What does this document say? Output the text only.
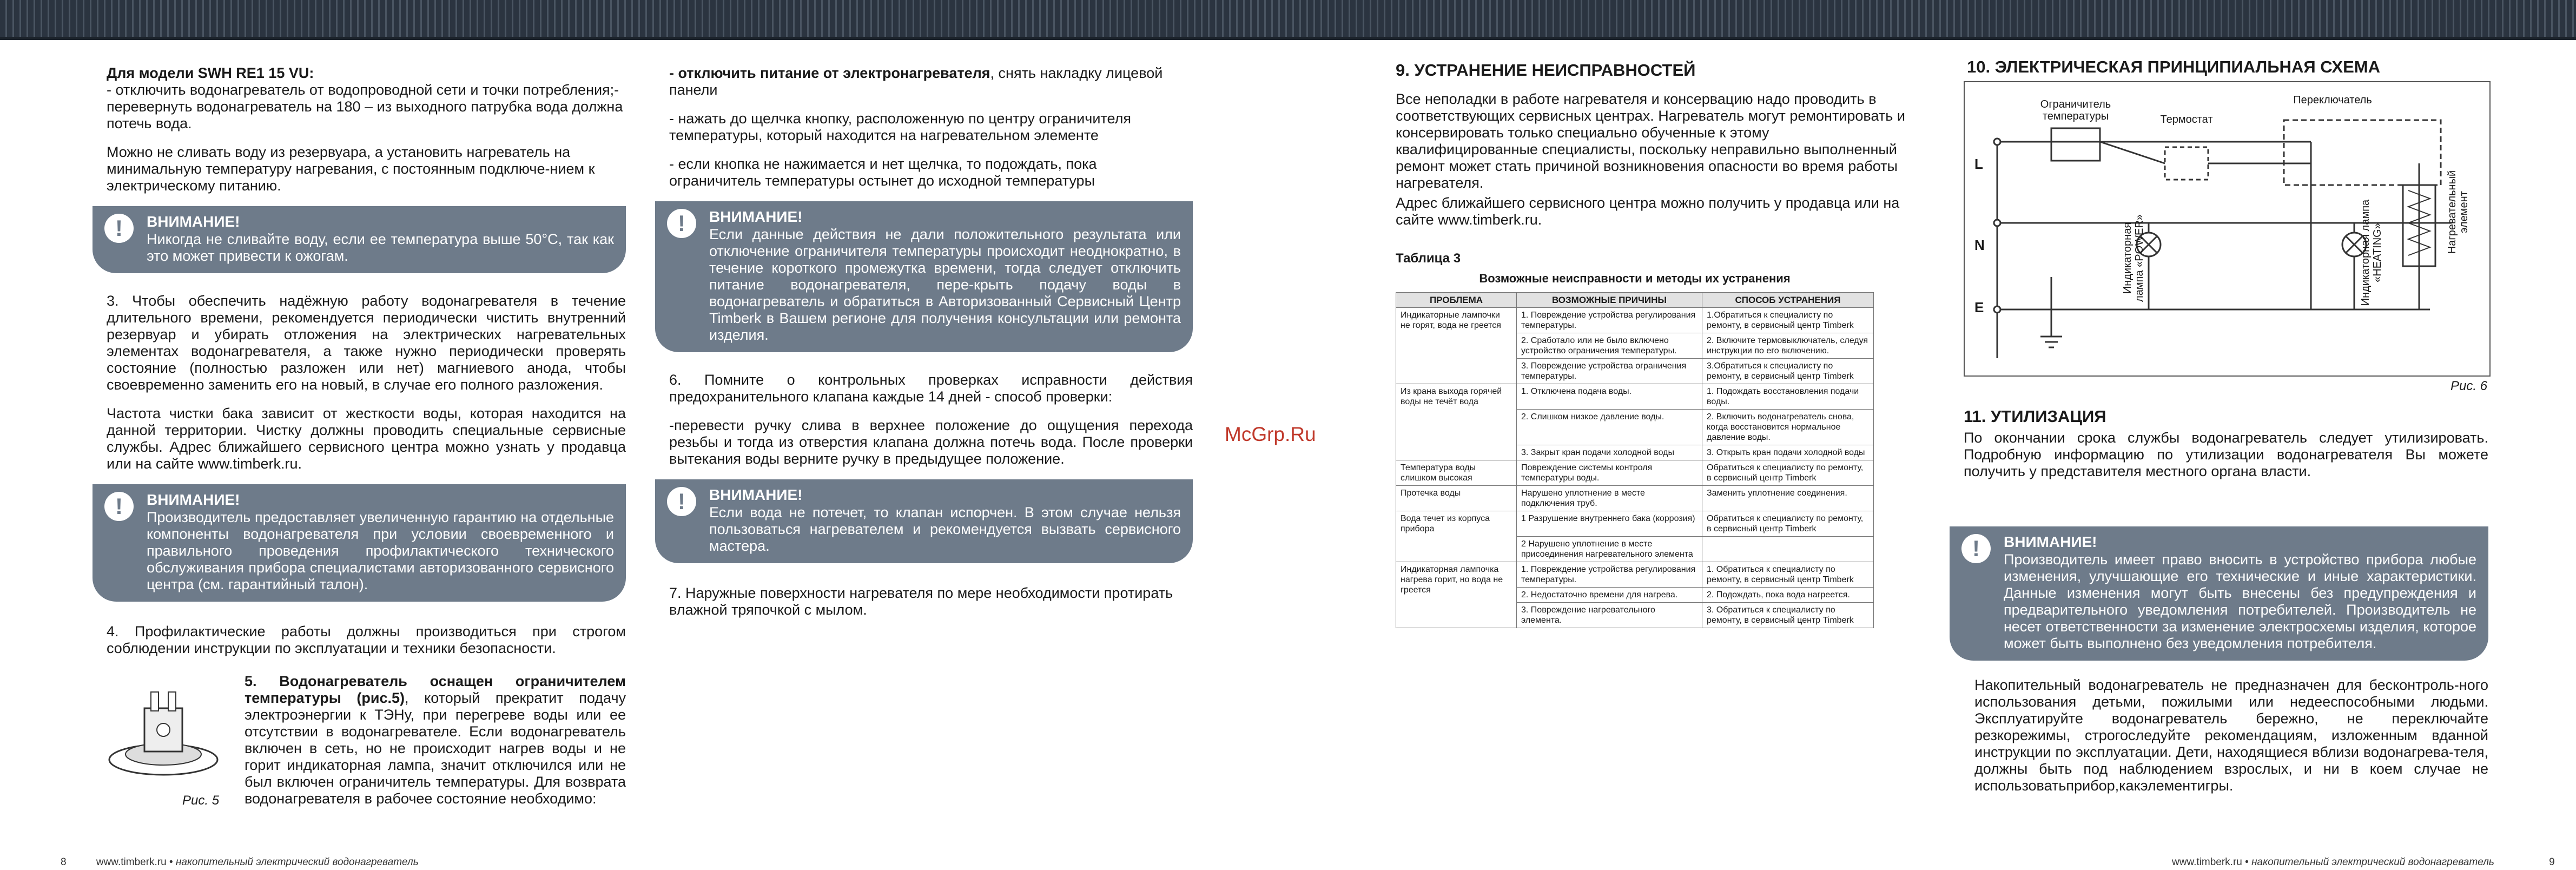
Для модели SWH RE1 15 VU:
- отключить водонагреватель от водопроводной сети и точки потребления;- перевернуть водонагреватель на 180 – из выходного патрубка вода должна потечь вода.

Можно не сливать воду из резервуара, а установить нагреватель на минимальную температуру нагревания, с постоянным подключе-нием к электрическому питанию.

!	ВНИМАНИЕ!
Никогда не сливайте воду, если ее температура выше 50°С, так как это может привести к ожогам.

3. Чтобы обеспечить надёжную работу водонагревателя в течение длительного времени, рекомендуется периодически чистить внутренний резервуар и убирать отложения на электрических нагревательных элементах водонагревателя, а также нужно периодически проверять состояние (полностью разложен или нет) магниевого анода, чтобы своевременно заменить его на новый, в случае его полного разложения.

Частота чистки бака зависит от жесткости воды, которая находится на данной территории. Чистку должны проводить специальные сервисные службы. Адрес ближайшего сервисного центра можно узнать у продавца или на сайте www.timberk.ru.

!	ВНИМАНИЕ!
Производитель предоставляет увеличенную гарантию на отдельные компоненты водонагревателя при условии своевременного и правильного проведения профилактического технического обслуживания прибора специалистами авторизованного сервисного центра (см. гарантийный талон).

4. Профилактические работы должны производиться при строгом соблюдении инструкции по эксплуатации и техники безопасности.

Рис. 5
5. Водонагреватель оснащен ограничителем температуры (рис.5), который прекратит подачу электроэнергии к ТЭНу, при перегреве воды или ее отсутствии в водонагревателе. Если водонагреватель включен в сеть, но не происходит нагрев воды и не горит индикаторная лампа, значит отключился или не был включен ограничитель температуры. Для возврата водонагревателя в рабочее состояние необходимо:

- отключить питание от электронагревателя, снять накладку лицевой панели

- нажать до щелчка кнопку, расположенную по центру ограничителя температуры, который находится на нагревательном элементе

- если кнопка не нажимается и нет щелчка, то подождать, пока ограничитель температуры остынет до исходной температуры

!	ВНИМАНИЕ!
Если данные действия не дали положительного результата или отключение ограничителя температуры происходит неоднократно, в течение короткого промежутка времени, тогда следует отключить питание водонагревателя, пере-крыть подачу воды в водонагреватель и обратиться в Авторизованный Сервисный Центр Timberk в Вашем регионе для получения консультации или ремонта изделия.

6. Помните о контрольных проверках исправности действия предохранительного клапана каждые 14 дней - способ проверки:

-перевести ручку слива в верхнее положение до ощущения перехода резьбы и тогда из отверстия клапана должна потечь вода. После проверки вытекания воды верните ручку в предыдущее положение.

!	ВНИМАНИЕ!
Если вода не потечет, то клапан испорчен. В этом случае нельзя пользоваться нагревателем и рекомендуется вызвать сервисного мастера.

7. Наружные поверхности нагревателя по мере необходимости протирать влажной тряпочкой с мылом.

McGrp.Ru
9. УСТРАНЕНИЕ НЕИСПРАВНОСТЕЙ

Все неполадки в работе нагревателя и консервацию надо проводить в соответствующих сервисных центрах. Нагреватель могут ремонтировать и консервировать только специально обученные к этому квалифицированные специалисты, поскольку неправильно выполненный ремонт может стать причиной возникновения опасности во время работы нагревателя.

Адрес ближайшего сервисного центра можно получить у продавца или на сайте www.timberk.ru.

Таблица 3
Возможные неисправности и методы их устранения
ПРОБЛЕМА	ВОЗМОЖНЫЕ ПРИЧИНЫ	СПОСОБ УСТРАНЕНИЯ
Индикаторные лампочки не горят, вода не греется	1. Повреждение устройства регулирования температуры.	1.Обратиться к специалисту по ремонту, в сервисный центр Timberk
	2. Сработало или не было включено устройство ограничения температуры.	2. Включите термовыключатель, следуя инструкции по его включению.
	3. Повреждение устройства ограничения температуры.	3.Обратиться к специалисту по ремонту, в сервисный центр Timberk
Из крана выхода горячей воды не течёт вода	1. Отключена подача воды.	1. Подождать восстановления подачи воды.
	2. Слишком низкое давление воды.	2. Включить водонагреватель снова, когда восстановится нормальное давление воды.
	3. Закрыт кран подачи холодной воды	3. Открыть кран подачи холодной воды
Температура воды слишком высокая	Повреждение системы контроля температуры воды.	Обратиться к специалисту по ремонту, в сервисный центр Timberk
Протечка воды	Нарушено уплотнение в месте подключения труб.	Заменить уплотнение соединения.
Вода течет из корпуса прибора	1 Разрушение внутреннего бака (коррозия)	Обратиться к специалисту по ремонту, в сервисный центр Timberk
	2 Нарушено уплотнение в месте присоединения нагревательного элемента	
Индикаторная лампочка нагрева горит, но вода не греется	1. Повреждение устройства регулирования температуры.	1. Обратиться к специалисту по ремонту, в сервисный центр Timberk
	2. Недостаточно времени для нагрева.	2. Подождать, пока вода нагреется.
	3. Повреждение нагревательного элемента.	3. Обратиться к специалисту по ремонту, в сервисный центр Timberk
10. ЭЛЕКТРИЧЕСКАЯ ПРИНЦИПИАЛЬНАЯ СХЕМА
Ограничитель температуры	Термостат
Переключатель
L
N
E
Индикаторная лампа «POWER»	Индикаторная лампа «HEATING»	Нагревательный элемент
Рис. 6
11. УТИЛИЗАЦИЯ

По окончании срока службы водонагреватель следует утилизировать. Подробную информацию по утилизации водонагревателя Вы можете получить у представителя местного органа власти.

!	ВНИМАНИЕ!
Производитель имеет право вносить в устройство прибора любые изменения, улучшающие его технические и иные характеристики. Данные изменения могут быть внесены без предупреждения и предварительного уведомления потребителей. Производитель не несет ответственности за изменение электросхемы изделия, которое может быть выполнено без уведомления потребителя.

Накопительный водонагреватель не предназначен для бесконтроль-ного использования детьми, пожилыми или недееспособными людьми. Эксплуатируйте водонагреватель бережно, не переключайте резкорежимы, строгоследуйте рекомендациям, изложенным вданной инструкции по эксплуатации. Дети, находящиеся вблизи водонагрева-теля, должны быть под наблюдением взрослых, и ни в коем случае не использоватьприбор,какэлементигры.

8	www.timberk.ru • накопительный электрический водонагреватель	www.timberk.ru • накопительный электрический водонагреватель	9
